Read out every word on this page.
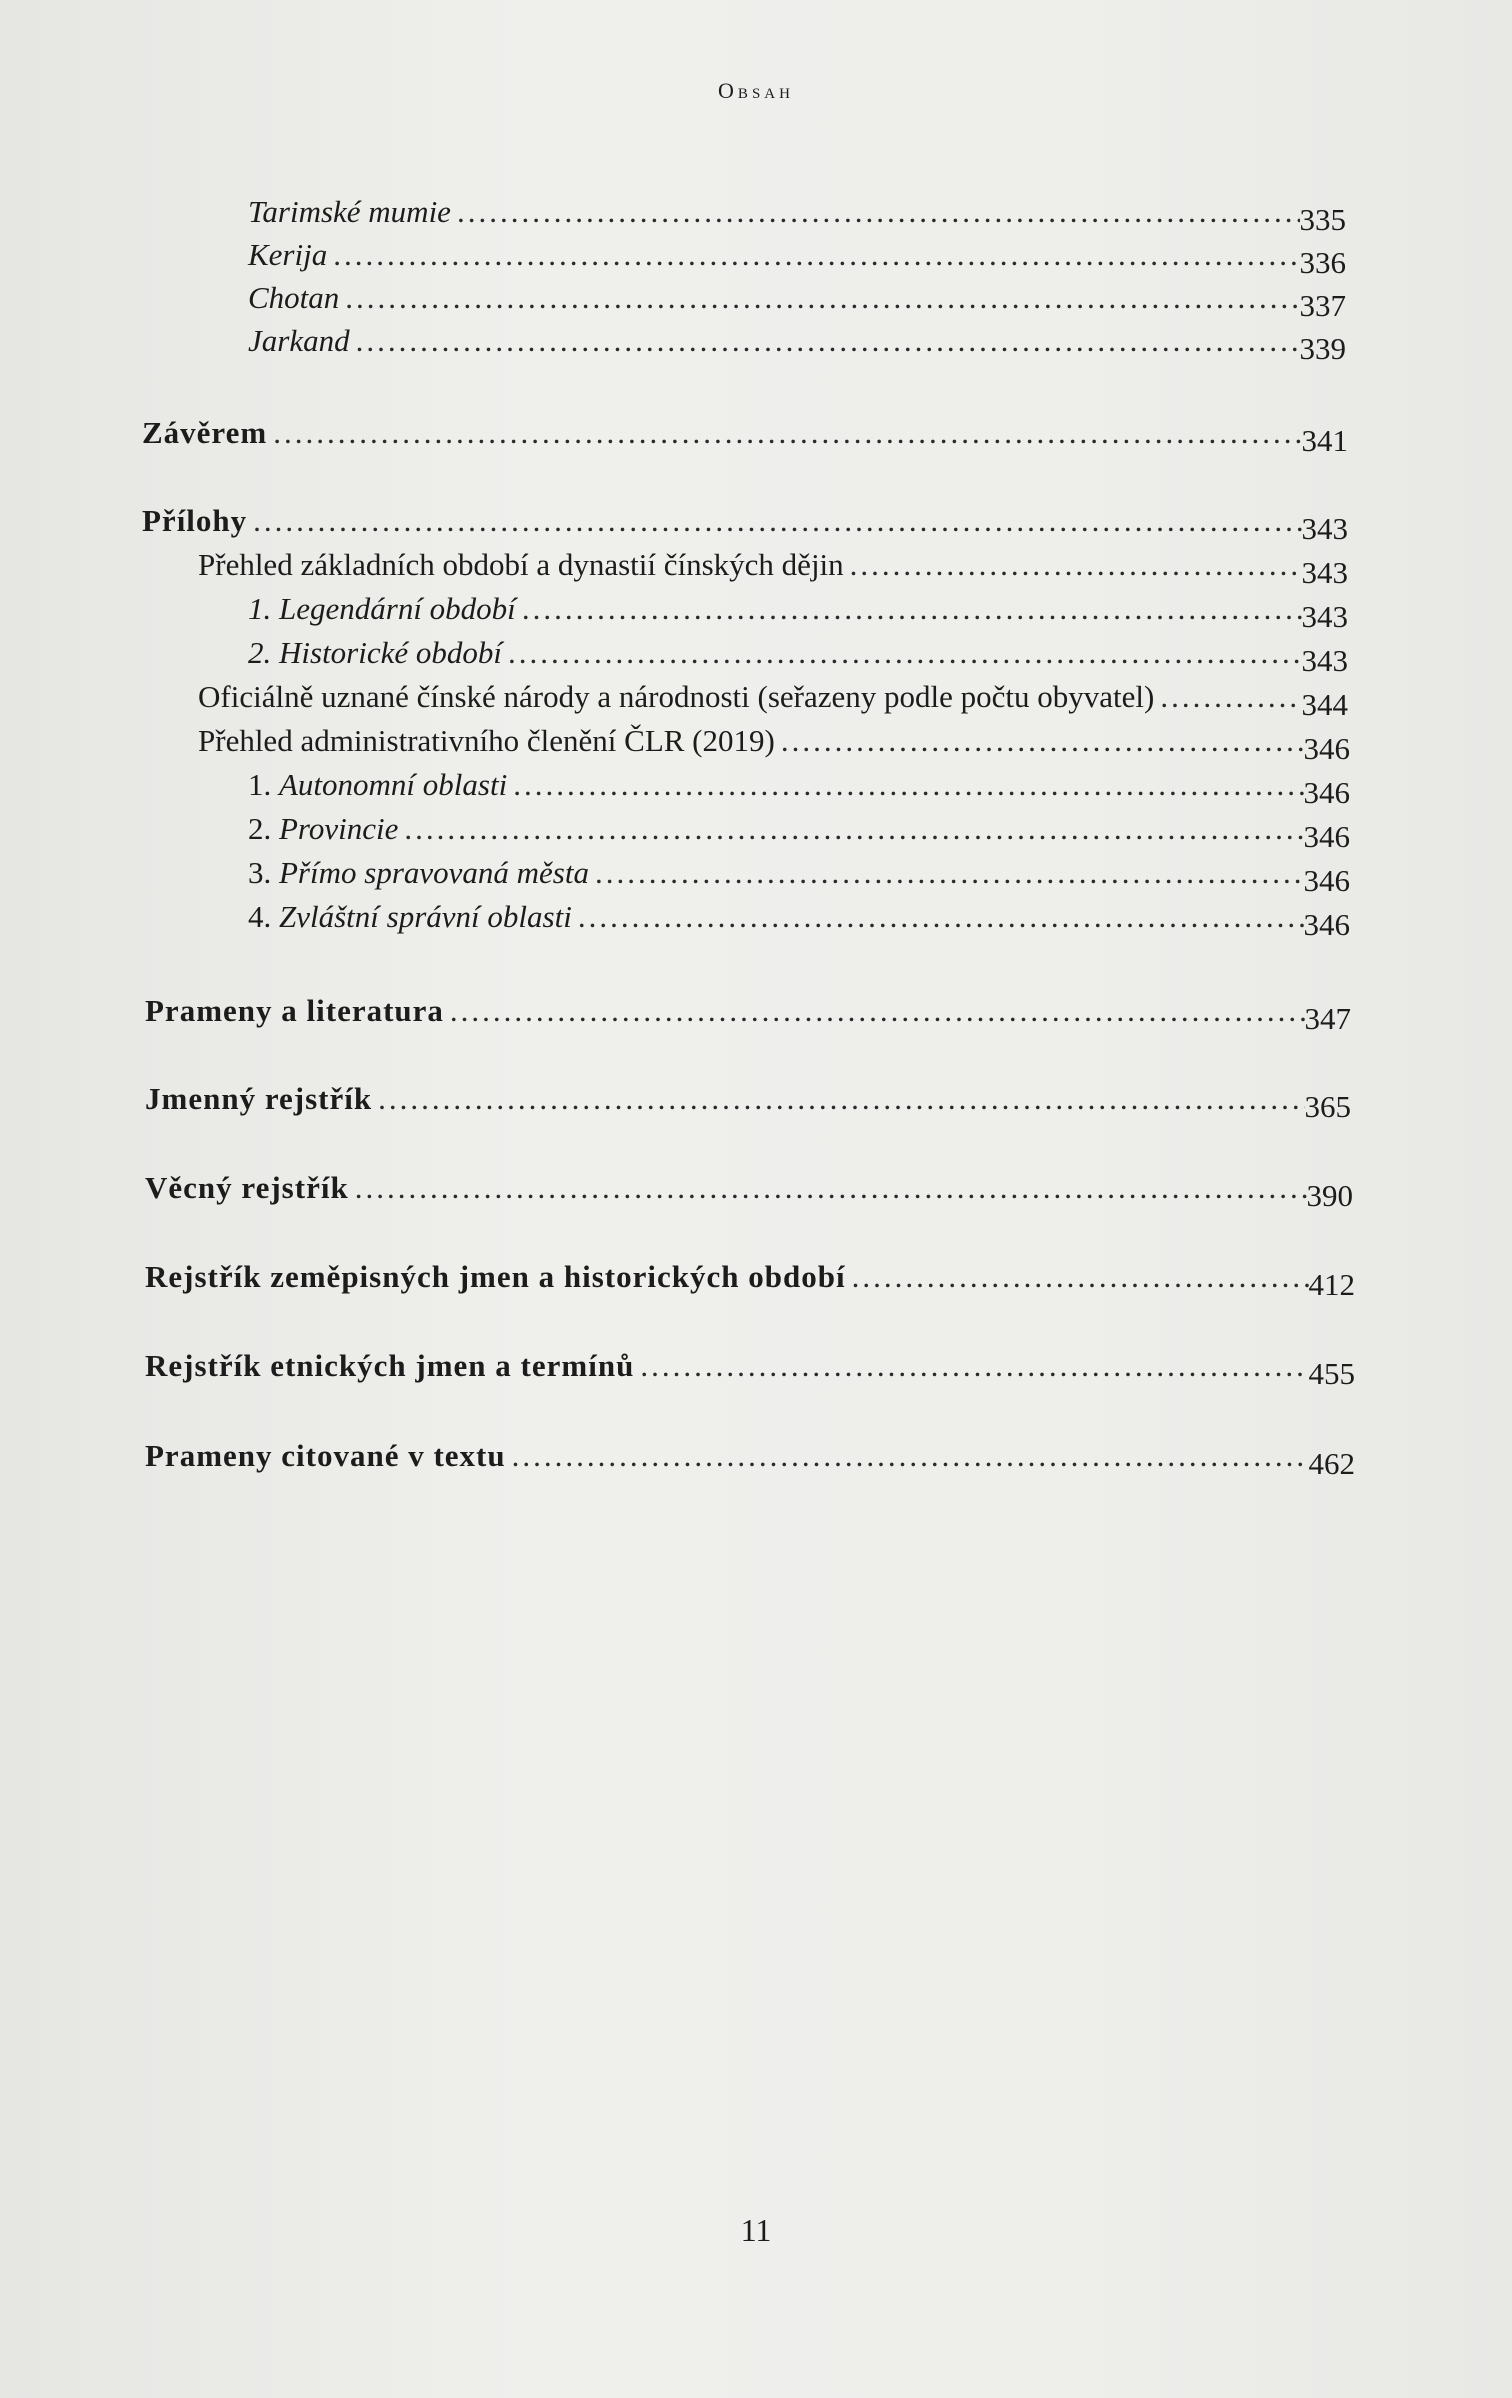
Obsah
Tarimské mumie .....	335
Kerija .....	336
Chotan .....	337
Jarkand .....	339
Závěrem .....	341
Přílohy .....	343
Přehled základních období a dynastií čínských dějin .....	343
1. Legendární období .....	343
2. Historické období .....	343
Oficiálně uznané čínské národy a národnosti (seřazeny podle počtu obyvatel) .....	344
Přehled administrativního členění ČLR (2019) .....	346
1. Autonomní oblasti .....	346
2. Provincie .....	346
3. Přímo spravovaná města .....	346
4. Zvláštní správní oblasti .....	346
Prameny a literatura .....	347
Jmenný rejstřík .....	365
Věcný rejstřík .....	390
Rejstřík zeměpisných jmen a historických období .....	412
Rejstřík etnických jmen a termínů .....	455
Prameny citované v textu .....	462
11
